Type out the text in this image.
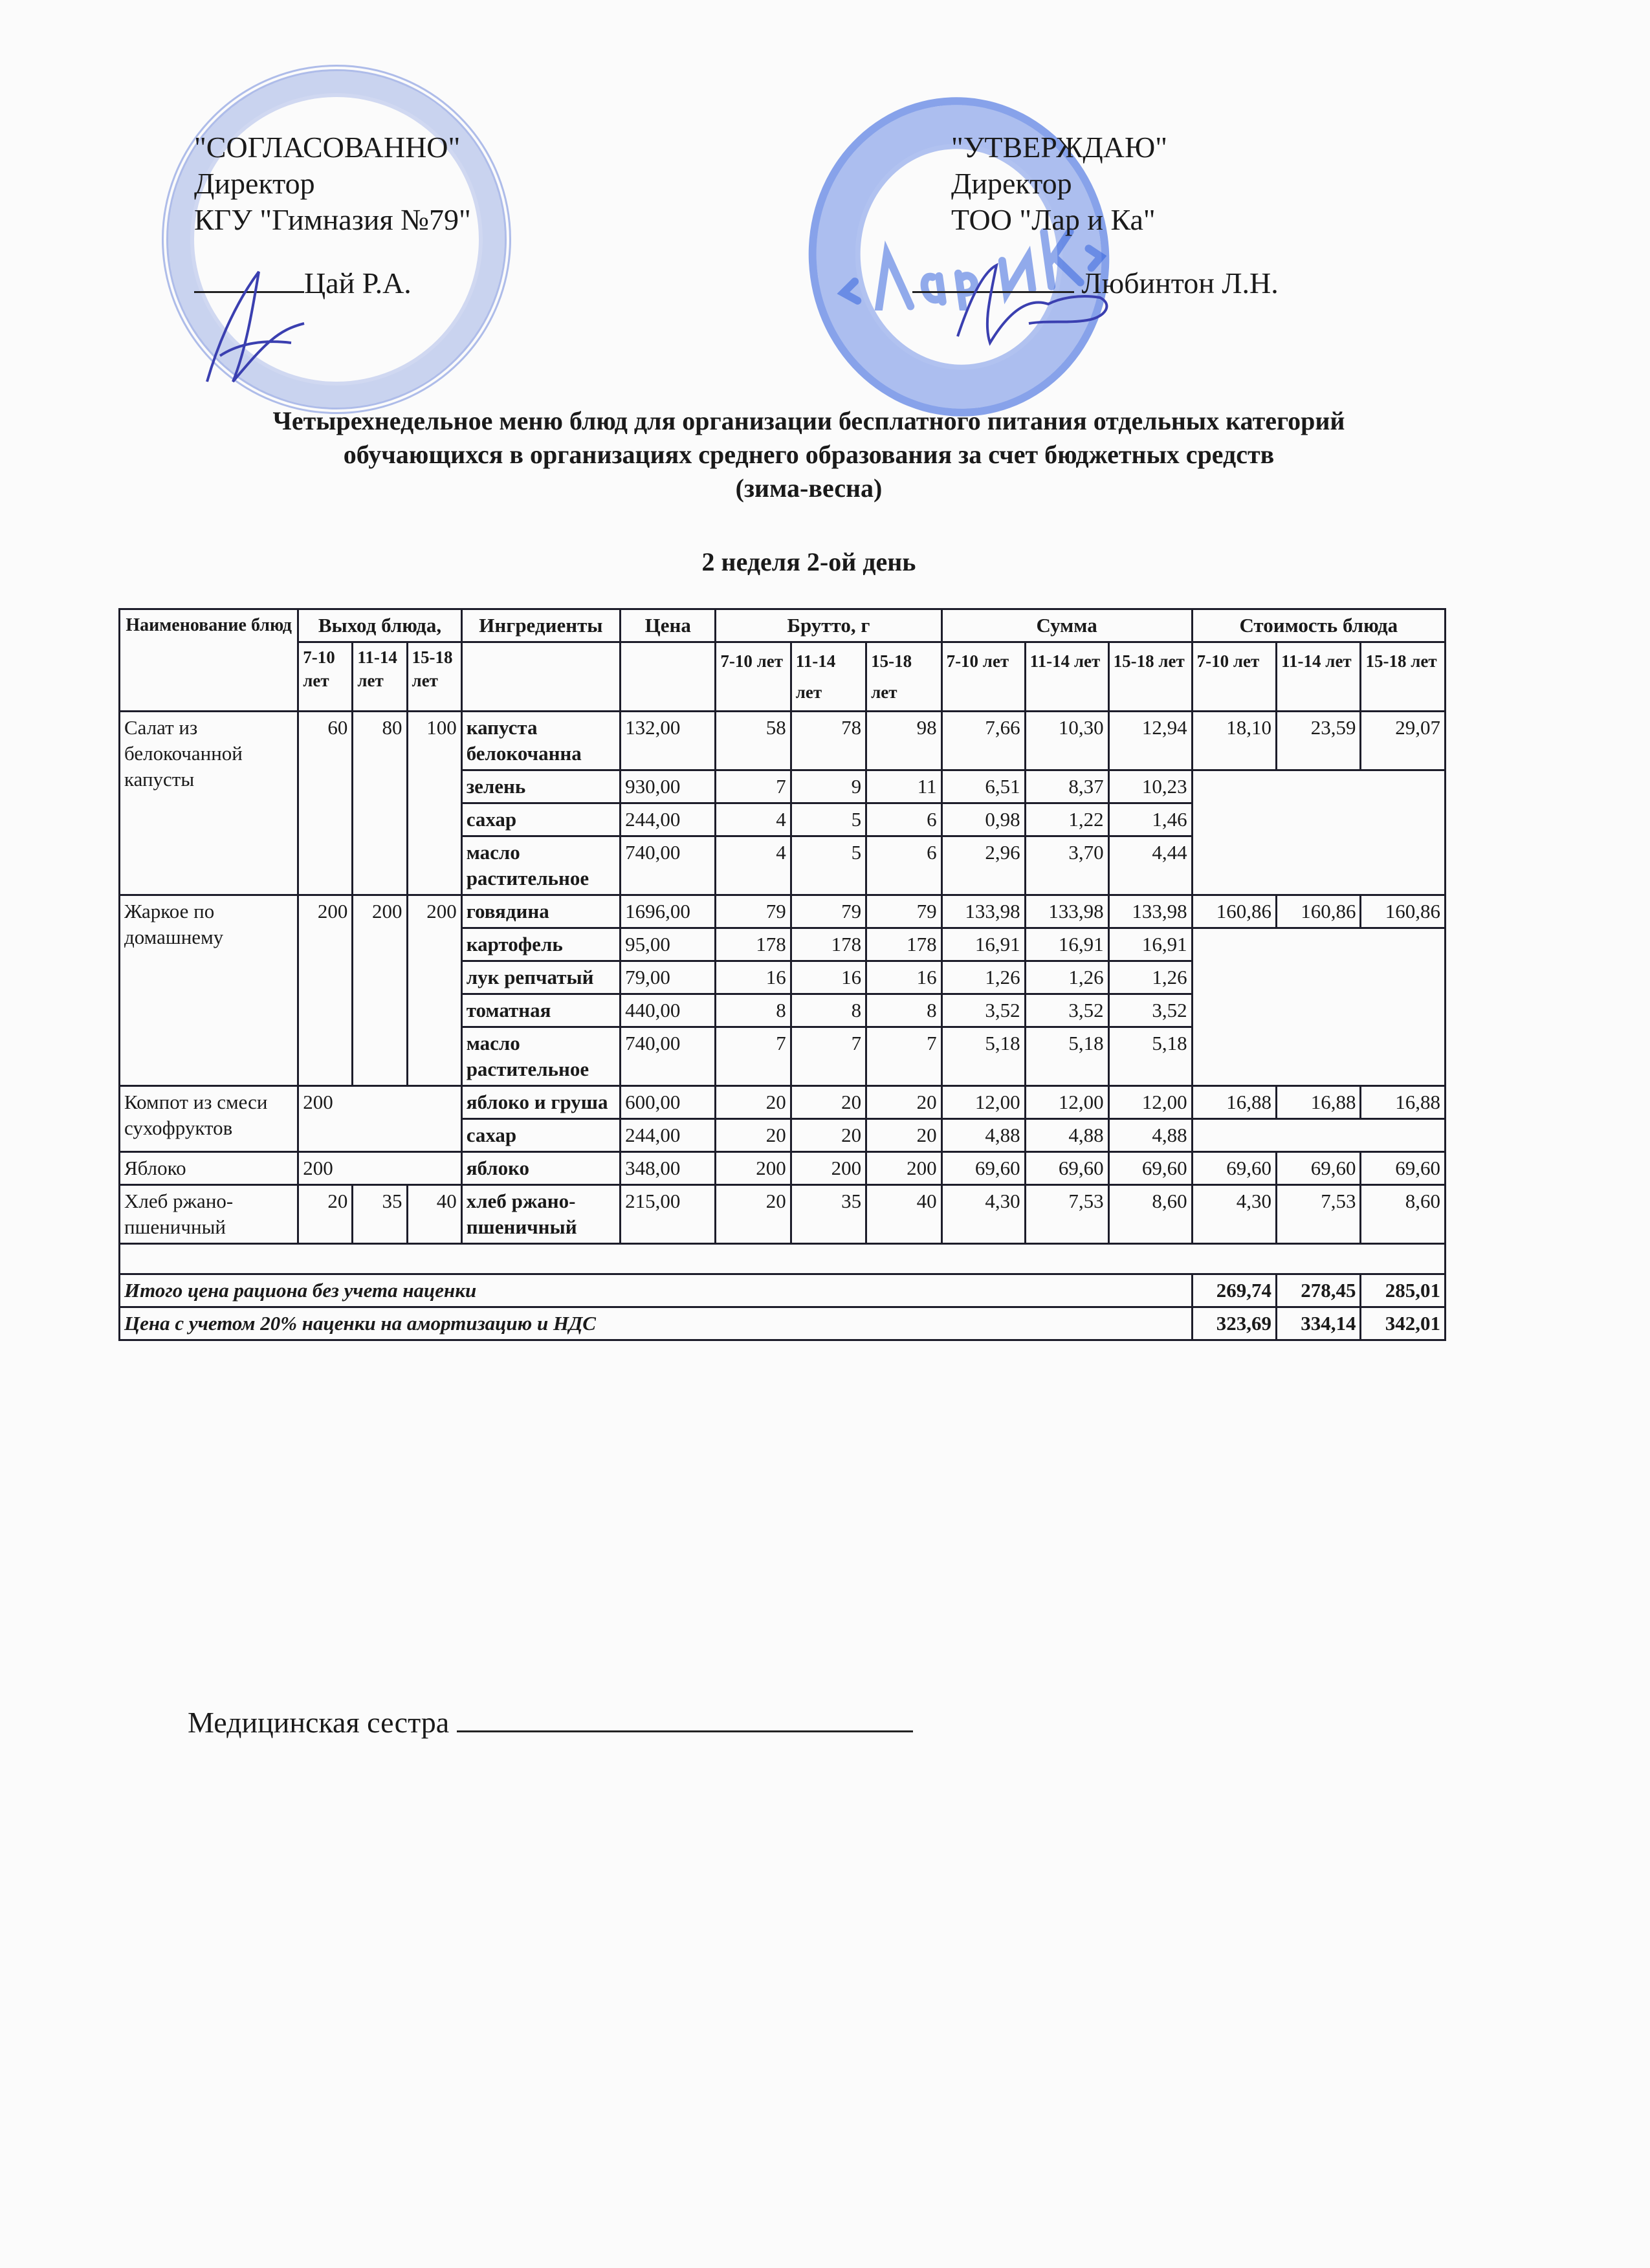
"СОГЛАСОВАННО"
Директор
КГУ "Гимназия №79"
Цай Р.А.
"УТВЕРЖДАЮ"
Директор
ТОО "Лар и Ка"
Любинтон Л.Н.
Четырехнедельное меню блюд для организации бесплатного питания отдельных категорий
обучающихся в организациях среднего образования за счет бюджетных средств
(зима-весна)
2 неделя 2-ой день
Наименование блюд	Выход блюда,			Ингредиенты	Цена	Брутто, г			Сумма			Стоимость блюда		
	7-10 лет	11-14 лет	15-18 лет			7-10 лет	11-14 лет	15-18 лет	7-10 лет	11-14 лет	15-18 лет	7-10 лет	11-14 лет	15-18 лет
Салат из белокочанной капусты	60	80	100	капуста белокочанна	132,00	58	78	98	7,66	10,30	12,94	18,10	23,59	29,07
				зелень	930,00	7	9	11	6,51	8,37	10,23			
				сахар	244,00	4	5	6	0,98	1,22	1,46			
				масло растительное	740,00	4	5	6	2,96	3,70	4,44			
Жаркое по домашнему	200	200	200	говядина	1696,00	79	79	79	133,98	133,98	133,98	160,86	160,86	160,86
				картофель	95,00	178	178	178	16,91	16,91	16,91			
				лук репчатый	79,00	16	16	16	1,26	1,26	1,26			
				томатная	440,00	8	8	8	3,52	3,52	3,52			
				масло растительное	740,00	7	7	7	5,18	5,18	5,18			
Компот из смеси сухофруктов	200			яблоко и груша	600,00	20	20	20	12,00	12,00	12,00	16,88	16,88	16,88
				сахар	244,00	20	20	20	4,88	4,88	4,88			
Яблоко	200			яблоко	348,00	200	200	200	69,60	69,60	69,60	69,60	69,60	69,60
Хлеб ржано-пшеничный	20	35	40	хлеб ржано-пшеничный	215,00	20	35	40	4,30	7,53	8,60	4,30	7,53	8,60

Итого цена рациона без учета наценки												269,74	278,45	285,01
Цена с учетом 20% наценки на амортизацию и НДС												323,69	334,14	342,01
Медицинская сестра
